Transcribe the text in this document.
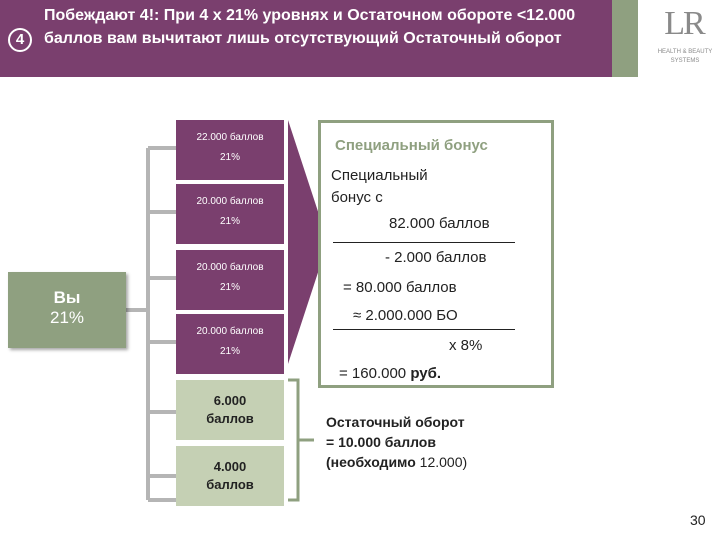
4
Побеждают 4!: При 4 х 21% уровнях и Остаточном обороте <12.000 баллов вам вычитают лишь отсутствующий Остаточный оборот	LR
HEALTH & BEAUTY SYSTEMS
Вы
21%
22.000 баллов
21%
20.000 баллов
21%
20.000 баллов
21%
20.000 баллов
21%
6.000
баллов
4.000
баллов
Специальный бонус
Специальный
бонус с
82.000 баллов
- 2.000 баллов
= 80.000 баллов
≈ 2.000.000 БО
x 8%
= 160.000 руб.
Остаточный оборот
= 10.000 баллов
(необходимо 12.000)
30
